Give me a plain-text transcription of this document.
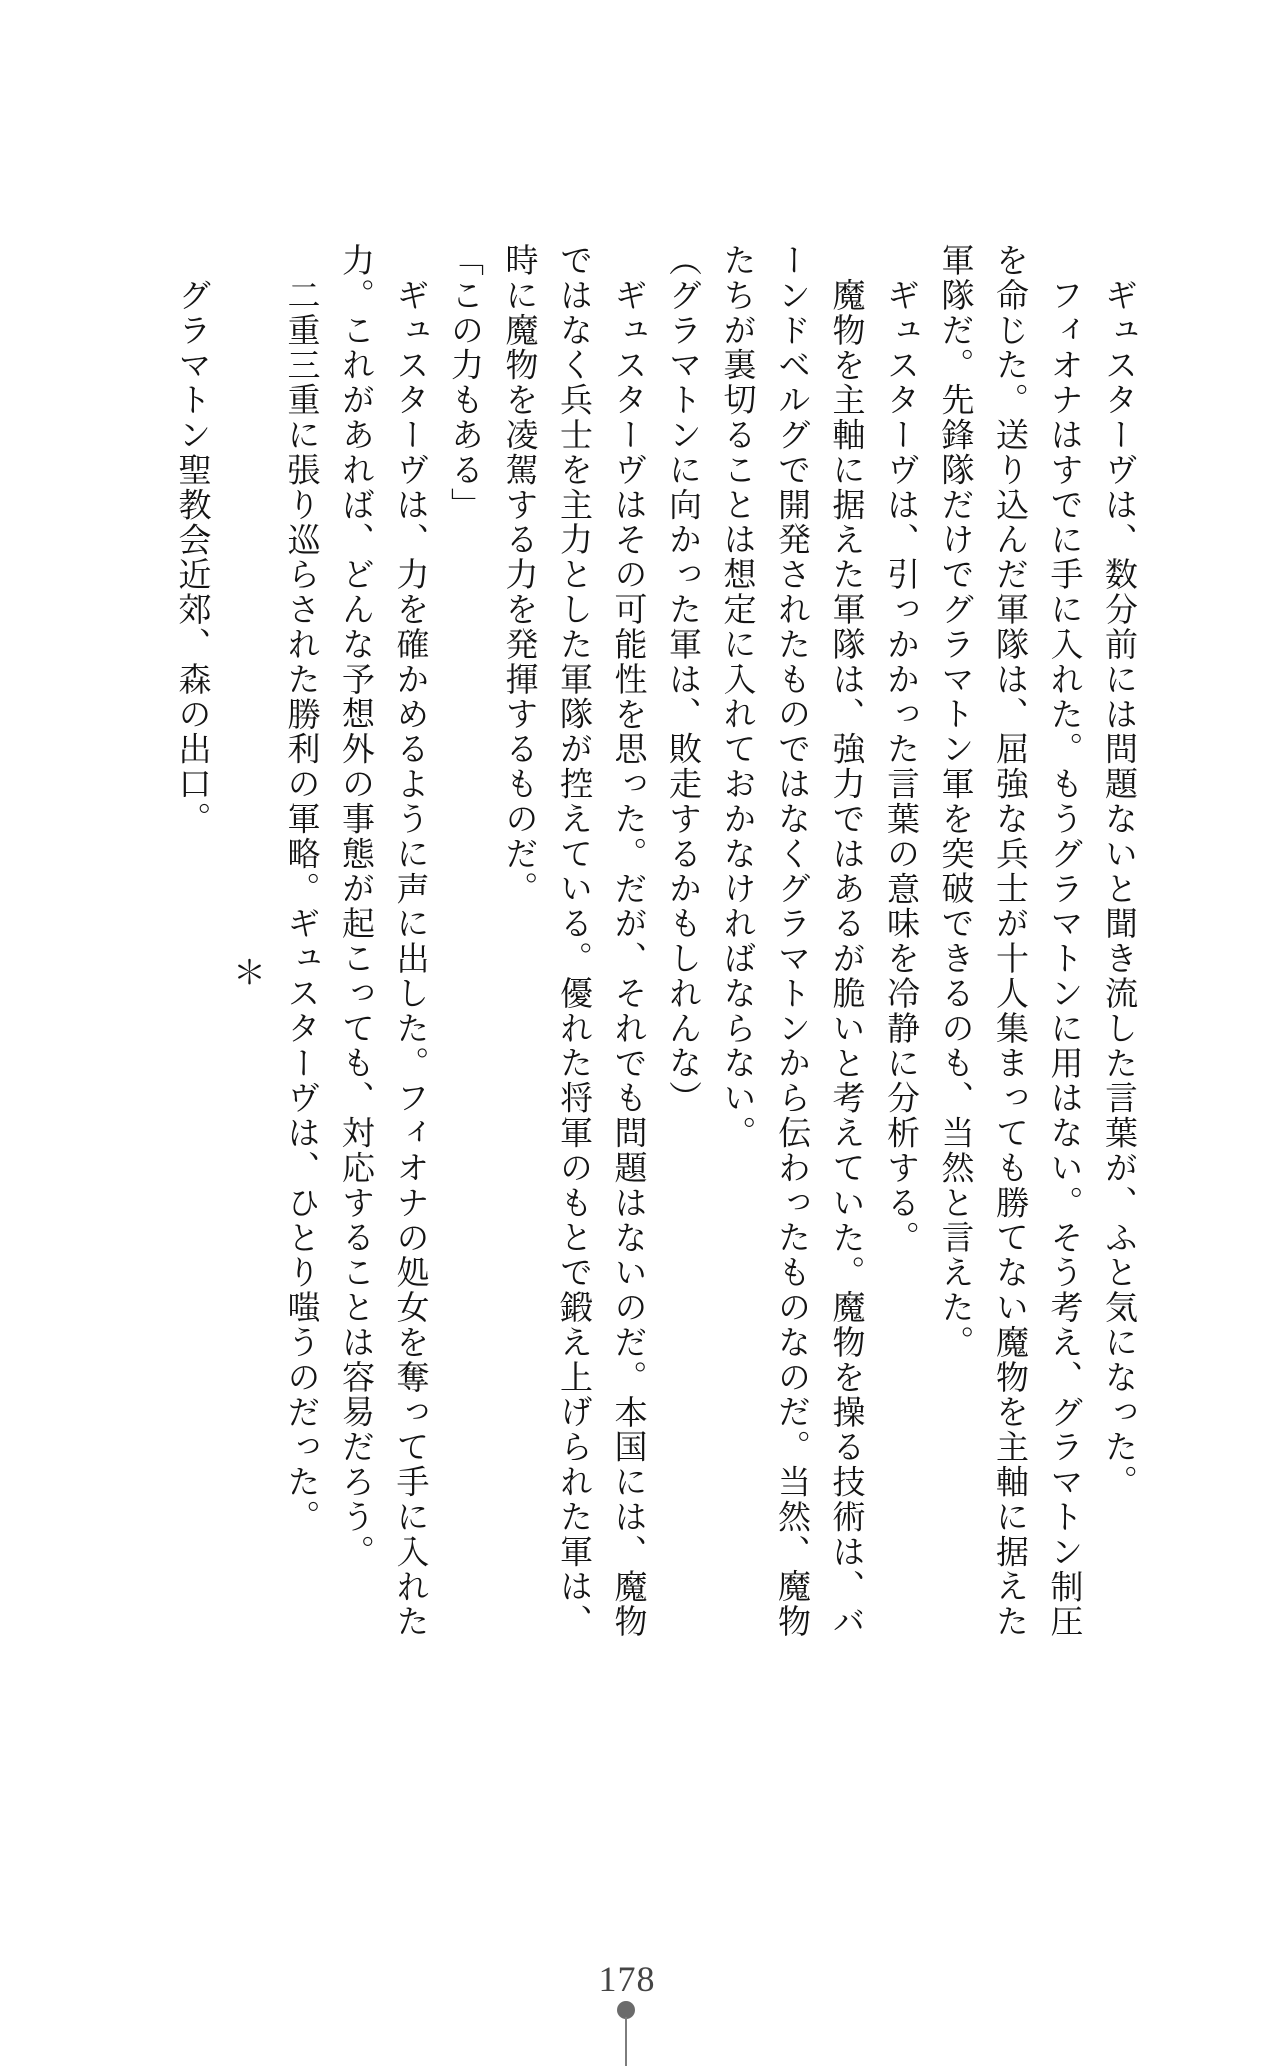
ギュスターヴは、数分前には問題ないと聞き流した言葉が、ふと気になった。

フィオナはすでに手に入れた。もうグラマトンに用はない。そう考え、グラマトン制圧

を命じた。送り込んだ軍隊は、屈強な兵士が十人集まっても勝てない魔物を主軸に据えた

軍隊だ。先鋒隊だけでグラマトン軍を突破できるのも、当然と言えた。

ギュスターヴは、引っかかった言葉の意味を冷静に分析する。

魔物を主軸に据えた軍隊は、強力ではあるが脆いと考えていた。魔物を操る技術は、バ

ーンドベルグで開発されたものではなくグラマトンから伝わったものなのだ。当然、魔物

たちが裏切ることは想定に入れておかなければならない。

（グラマトンに向かった軍は、敗走するかもしれんな）

ギュスターヴはその可能性を思った。だが、それでも問題はないのだ。本国には、魔物

ではなく兵士を主力とした軍隊が控えている。優れた将軍のもとで鍛え上げられた軍は、

時に魔物を凌駕する力を発揮するものだ。

「この力もある」

ギュスターヴは、力を確かめるように声に出した。フィオナの処女を奪って手に入れた

力。これがあれば、どんな予想外の事態が起こっても、対応することは容易だろう。

二重三重に張り巡らされた勝利の軍略。ギュスターヴは、ひとり嗤うのだった。

＊

グラマトン聖教会近郊、森の出口。

178
